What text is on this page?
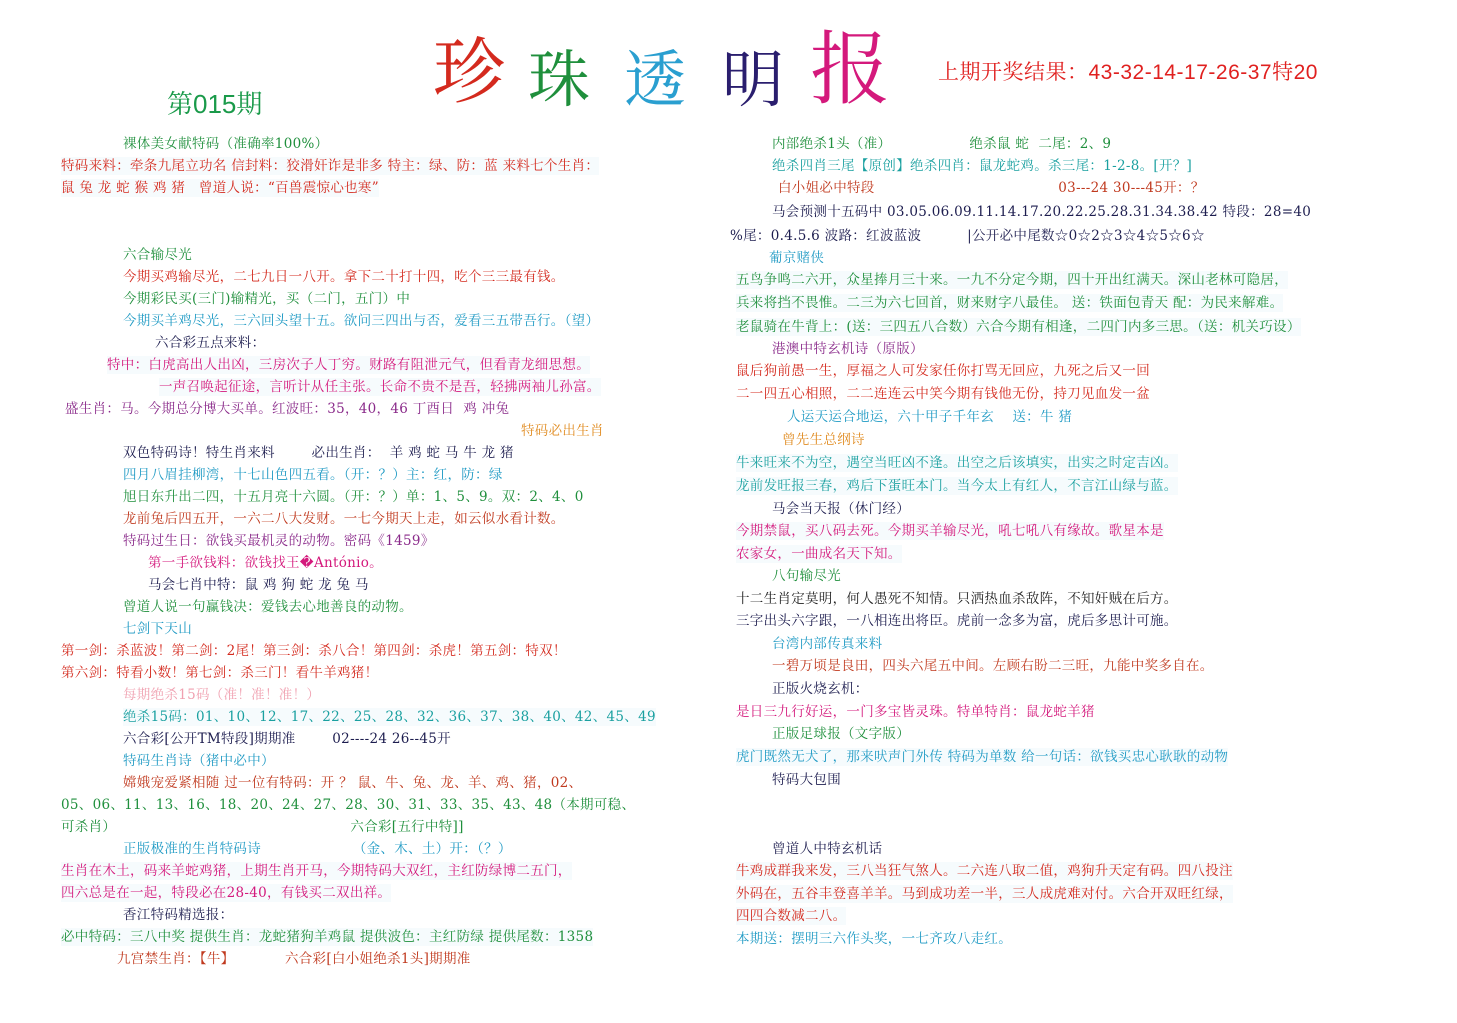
珍 珠 透 明 报
第015期
上期开奖结果：43-32-14-17-26-37特20
裸体美女献特码（准确率100%）
特码来料：牵条九尾立功名 信封料：狡滑奸诈是非多 特主：绿、防：蓝 来料七个生肖：
鼠 兔 龙 蛇 猴 鸡 猪   曾道人说：“百兽震惊心也寒”
六合输尽光
今期买鸡输尽光，二七九日一八开。拿下二十打十四，吃个三三最有钱。
今期彩民买(三门)输精光，买（二门，五门）中
今期买羊鸡尽光，三六回头望十五。欲问三四出与否，爱看三五带吾行。（望）
六合彩五点来料：
特中：白虎高出人出凶，三房次子人丁穷。财路有阻泄元气，但看青龙细思想。
一声召唤起征途，言听计从任主张。长命不贵不是吾，轻拂两袖儿孙富。
盛生肖：马。今期总分博大买单。红波旺：35，40，46 丁酉日  鸡 冲兔
特码必出生肖
双色特码诗！特生肖来料        必出生肖：  羊 鸡 蛇 马 牛 龙 猪
四月八眉挂柳湾，十七山色四五看。（开：？）主：红，防：绿
旭日东升出二四，十五月亮十六圆。（开：？）单：1、5、9。双：2、4、0
龙前兔后四五开，一六二八大发财。一七今期天上走，如云似水看计数。
特码过生日：欲钱买最机灵的动物。密码《1459》
第一手欲钱料：欲钱找王�António。
马会七肖中特：鼠 鸡 狗 蛇 龙 兔 马
曾道人说一句赢钱决：爱钱去心地善良的动物。
七剑下天山
第一剑：杀蓝波！第二剑：2尾！第三剑：杀八合！第四剑：杀虎！第五剑：特双！
第六剑：特看小数！第七剑：杀三门！看牛羊鸡猪！
每期绝杀15码（准！准！准！）
绝杀15码：01、10、12、17、22、25、28、32、36、37、38、40、42、45、49
六合彩[公开TM特段]期期准        02----24 26--45开
特码生肖诗（猪中必中）
嫦娥宠爱紧相随 过一位有特码：开 ？ 鼠、牛、兔、龙、羊、鸡、猪，02、
05、06、11、13、16、18、20、24、27、28、30、31、33、35、43、48（本期可稳、
可杀肖）                                                   六合彩[五行中特]]
正版极准的生肖特码诗                    （金、木、土）开：（？）
生肖在木土，码来羊蛇鸡猪，上期生肖开马，今期特码大双红，主红防绿博二五门，
四六总是在一起，特段必在28-40，有钱买二双出祥。
香江特码精选报：
必中特码：三八中奖 提供生肖：龙蛇猪狗羊鸡鼠 提供波色：主红防绿 提供尾数：1358
九宫禁生肖：【牛】           六合彩[白小姐绝杀1头]期期准
内部绝杀1头（准）                 绝杀鼠 蛇  二尾：2、9
绝杀四肖三尾【原创】绝杀四肖：鼠龙蛇鸡。杀三尾：1-2-8。[开？]
白小姐必中特段                                        03---24 30---45开：？
马会预测十五码中 03.05.06.09.11.14.17.20.22.25.28.31.34.38.42 特段：28=40
%尾：0.4.5.6 波路：红波蓝波          |公开必中尾数☆0☆2☆3☆4☆5☆6☆
葡京赌侠
五鸟争鸣二六开，众星捧月三十来。一九不分定今期，四十开出红满天。深山老林可隐居，
兵来将挡不畏惟。二三为六七回首，财来财字八最佳。 送：铁面包青天 配：为民来解难。
老鼠骑在牛背上：(送：三四五八合数）六合今期有相逢，二四门内多三思。（送：机关巧设）
港澳中特玄机诗（原版）
鼠后狗前愚一生，厚福之人可发家任你打骂无回应，九死之后又一回
二一四五心相照，二二连连云中笑今期有钱他无份，持刀见血发一盆
人运天运合地运，六十甲子千年玄    送：牛 猪
曾先生总纲诗
牛来旺来不为空，遇空当旺凶不逢。出空之后该填实，出实之时定吉凶。
龙前发旺报三春，鸡后下蛋旺本门。当今太上有红人，不言江山绿与蓝。
马会当天报（休门经）
今期禁鼠，买八码去死。今期买羊输尽光，吼七吼八有缘故。歌星本是
农家女，一曲成名天下知。
八句输尽光
十二生肖定莫明，何人愚死不知情。只洒热血杀敌阵，不知奸贼在后方。
三字出头六字跟，一八相连出将臣。虎前一念多为富，虎后多思计可施。
台湾内部传真来料
一碧万顷是良田，四头六尾五中间。左顾右盼二三旺，九能中奖多自在。
正版火烧玄机：
是日三九行好运，一门多宝皆灵珠。特单特肖：鼠龙蛇羊猪
正版足球报（文字版）
虎门既然无犬了，那来吠声门外传 特码为单数 给一句话：欲钱买忠心耿耿的动物
特码大包围
曾道人中特玄机话
牛鸡成群我来发，三八当狂气煞人。二六连八取二值，鸡狗升天定有码。四八投注
外码在，五谷丰登喜羊羊。马到成功差一半，三人成虎难对付。六合开双旺红绿，
四四合数减二八。
本期送：摆明三六作头奖，一七齐攻八走红。
